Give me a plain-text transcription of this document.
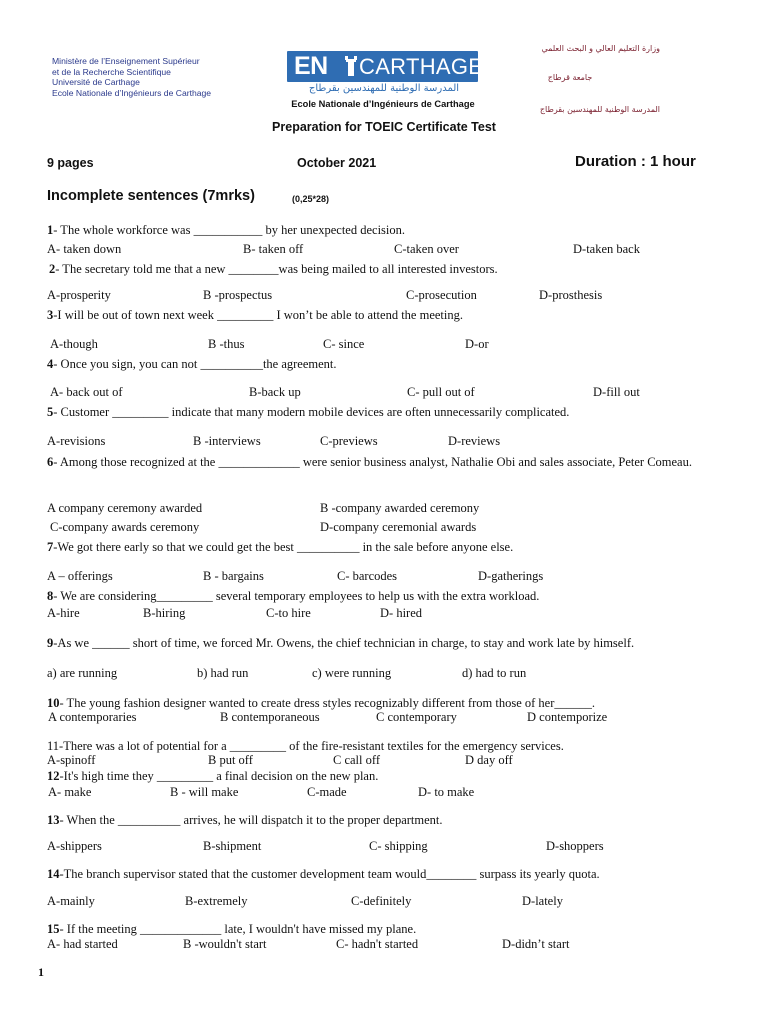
Ministère de l’Enseignement Supérieur
et de la Recherche Scientifique
Université de Carthage
Ecole Nationale d’Ingénieurs de Carthage
EN CARTHAGE
المدرسة الوطنية للمهندسين بقرطاج
Ecole Nationale d’Ingénieurs de Carthage
وزارة التعليم العالي و البحث العلمي
جامعة قرطاج
المدرسة الوطنية للمهندسين بقرطاج
Preparation for TOEIC Certificate Test
9 pages	October 2021	Duration : 1 hour
Incomplete sentences (7mrks)	(0,25*28)
1- The whole workforce was ___________ by her unexpected decision.
A- taken down	B- taken off	C-taken over	D-taken back
2- The secretary told me that a new ________was being mailed to all interested investors.
A-prosperity	B -prospectus	C-prosecution	D-prosthesis
3-I will be out of town next week _________ I won’t be able to attend the meeting.
A-though	B -thus	C- since	D-or
4- Once you sign, you can not __________the agreement.
A- back out of	B-back up	C- pull out of	D-fill out
5- Customer _________ indicate that many modern mobile devices are often unnecessarily complicated.
A-revisions	B -interviews	C-previews	D-reviews
6- Among those recognized at the _____________ were senior business analyst, Nathalie Obi and sales associate, Peter Comeau.
A company ceremony awarded	B -company awarded ceremony
C-company awards ceremony	D-company ceremonial awards
7-We got there early so that we could get the best __________ in the sale before anyone else.
A – offerings	B - bargains	C- barcodes	D-gatherings
8- We are considering_________ several temporary employees to help us with the extra workload.
A-hire	B-hiring	C-to hire	D- hired
9-As we ______ short of time, we forced Mr. Owens, the chief technician in charge, to stay and work late by himself.
a) are running	b) had run	c) were running	d) had to run
10- The young fashion designer wanted to create dress styles recognizably different from those of her______.
A contemporaries	B contemporaneous	C contemporary	D contemporize
11-There was a lot of potential for a _________ of the fire-resistant textiles for the emergency services.
A-spinoff	B put off	C call off	D day off
12-It's high time they _________ a final decision on the new plan.
A- make	B - will make	C-made	D- to make
13- When the __________ arrives, he will dispatch it to the proper department.
A-shippers	B-shipment	C- shipping	D-shoppers
14-The branch supervisor stated that the customer development team would________ surpass its yearly quota.
A-mainly	B-extremely	C-definitely	D-lately
15- If the meeting _____________ late, I wouldn't have missed my plane.
A- had started	B -wouldn't start	C- hadn't started	D-didn’t start
1
